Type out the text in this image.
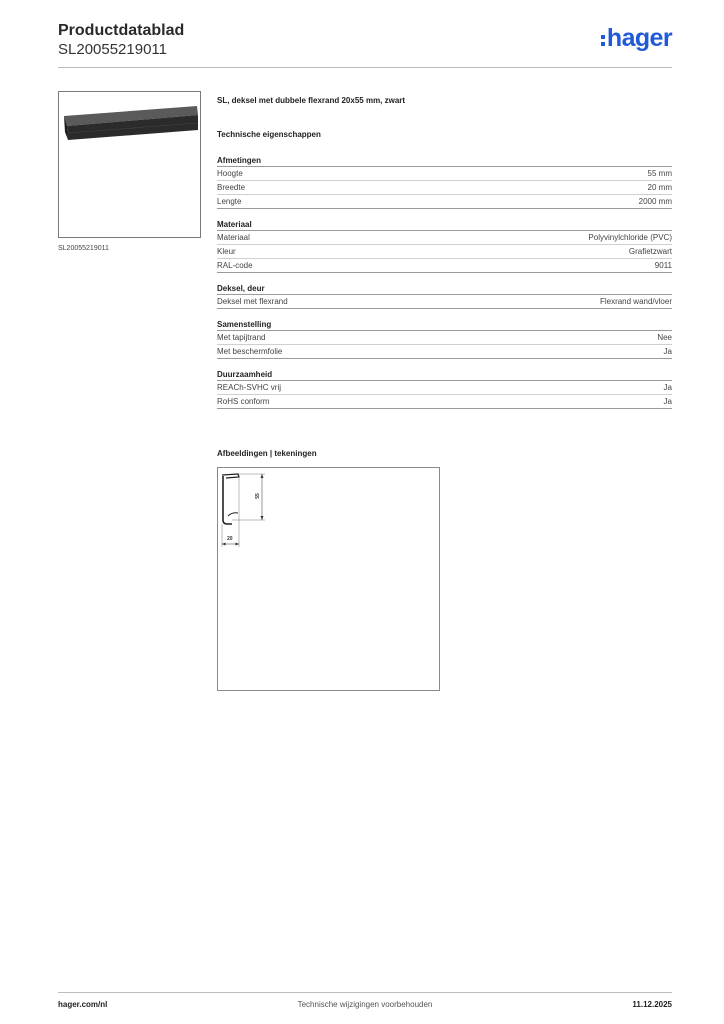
Productdatablad
SL20055219011	hager
SL20055219011
SL, deksel met dubbele flexrand 20x55 mm, zwart
Technische eigenschappen
Afmetingen
Hoogte	55 mm
Breedte	20 mm
Lengte	2000 mm
Materiaal
Materiaal	Polyvinylchloride (PVC)
Kleur	Grafietzwart
RAL-code	9011
Deksel, deur
Deksel met flexrand	Flexrand wand/vloer
Samenstelling
Met tapijtrand	Nee
Met beschermfolie	Ja
Duurzaamheid
REACh-SVHC vrij	Ja
RoHS conform	Ja
Afbeeldingen | tekeningen
55
20
Technische wijzigingen voorbehouden
hager.com/nl	11.12.2025
